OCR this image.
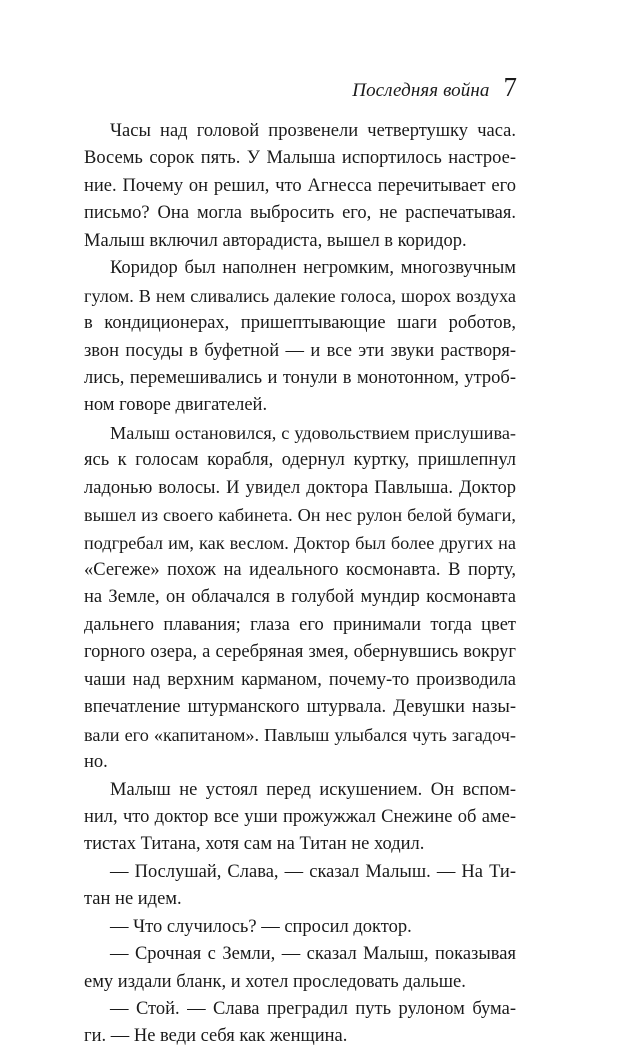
Последняя война 7
Часы над головой прозвенели четвертушку часа.
Восемь сорок пять. У Малыша испортилось настрое-
ние. Почему он решил, что Агнесса перечитывает его
письмо? Она могла выбросить его, не распечатывая.
Малыш включил авторадиста, вышел в коридор.
Коридор был наполнен негромким, многозвучным
гулом. В нем сливались далекие голоса, шорох воздуха
в кондиционерах, пришептывающие шаги роботов,
звон посуды в буфетной — и все эти звуки растворя-
лись, перемешивались и тонули в монотонном, утроб-
ном говоре двигателей.
Малыш остановился, с удовольствием прислушива-
ясь к голосам корабля, одернул куртку, пришлепнул
ладонью волосы. И увидел доктора Павлыша. Доктор
вышел из своего кабинета. Он нес рулон белой бумаги,
подгребал им, как веслом. Доктор был более других на
«Сегеже» похож на идеального космонавта. В порту,
на Земле, он облачался в голубой мундир космонавта
дальнего плавания; глаза его принимали тогда цвет
горного озера, а серебряная змея, обернувшись вокруг
чаши над верхним карманом, почему-то производила
впечатление штурманского штурвала. Девушки назы-
вали его «капитаном». Павлыш улыбался чуть загадоч-
но.
Малыш не устоял перед искушением. Он вспом-
нил, что доктор все уши прожужжал Снежине об аме-
тистах Титана, хотя сам на Титан не ходил.
— Послушай, Слава, — сказал Малыш. — На Ти-
тан не идем.
— Что случилось? — спросил доктор.
— Срочная с Земли, — сказал Малыш, показывая
ему издали бланк, и хотел проследовать дальше.
— Стой. — Слава преградил путь рулоном бума-
ги. — Не веди себя как женщина.
